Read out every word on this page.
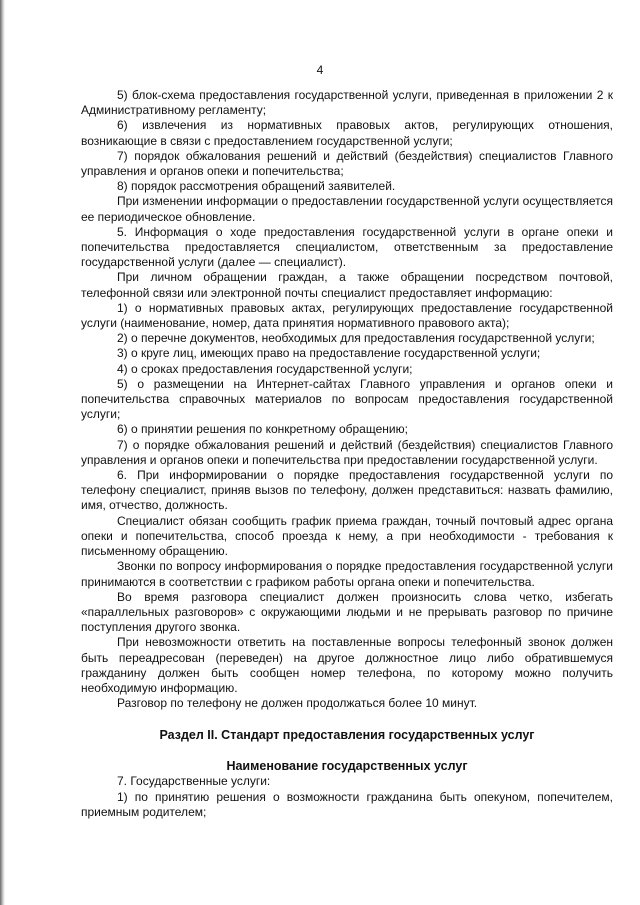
4

5) блок-схема предоставления государственной услуги, приведенная в приложении 2 к Административному регламенту;

6) извлечения из нормативных правовых актов, регулирующих отношения, возникающие в связи с предоставлением государственной услуги;

7) порядок обжалования решений и действий (бездействия) специалистов Главного управления и органов опеки и попечительства;

8) порядок рассмотрения обращений заявителей.

При изменении информации о предоставлении государственной услуги осуществляется ее периодическое обновление.

5. Информация о ходе предоставления государственной услуги в органе опеки и попечительства предоставляется специалистом, ответственным за предоставление государственной услуги (далее — специалист).

При личном обращении граждан, а также обращении посредством почтовой, телефонной связи или электронной почты специалист предоставляет информацию:

1) о нормативных правовых актах, регулирующих предоставление государственной услуги (наименование, номер, дата принятия нормативного правового акта);

2) о перечне документов, необходимых для предоставления государственной услуги;

3) о круге лиц, имеющих право на предоставление государственной услуги;

4) о сроках предоставления государственной услуги;

5) о размещении на Интернет-сайтах Главного управления и органов опеки и попечительства справочных материалов по вопросам предоставления государственной услуги;

6) о принятии решения по конкретному обращению;

7) о порядке обжалования решений и действий (бездействия) специалистов Главного управления и органов опеки и попечительства при предоставлении государственной услуги.

6. При информировании о порядке предоставления государственной услуги по телефону специалист, приняв вызов по телефону, должен представиться: назвать фамилию, имя, отчество, должность.

Специалист обязан сообщить график приема граждан, точный почтовый адрес органа опеки и попечительства, способ проезда к нему, а при необходимости - требования к письменному обращению.

Звонки по вопросу информирования о порядке предоставления государственной услуги принимаются в соответствии с графиком работы органа опеки и попечительства.

Во время разговора специалист должен произносить слова четко, избегать «параллельных разговоров» с окружающими людьми и не прерывать разговор по причине поступления другого звонка.

При невозможности ответить на поставленные вопросы телефонный звонок должен быть переадресован (переведен) на другое должностное лицо либо обратившемуся гражданину должен быть сообщен номер телефона, по которому можно получить необходимую информацию.

Разговор по телефону не должен продолжаться более 10 минут.

Раздел II. Стандарт предоставления государственных услуг
Наименование государственных услуг

7. Государственные услуги:

1) по принятию решения о возможности гражданина быть опекуном, попечителем, приемным родителем;
